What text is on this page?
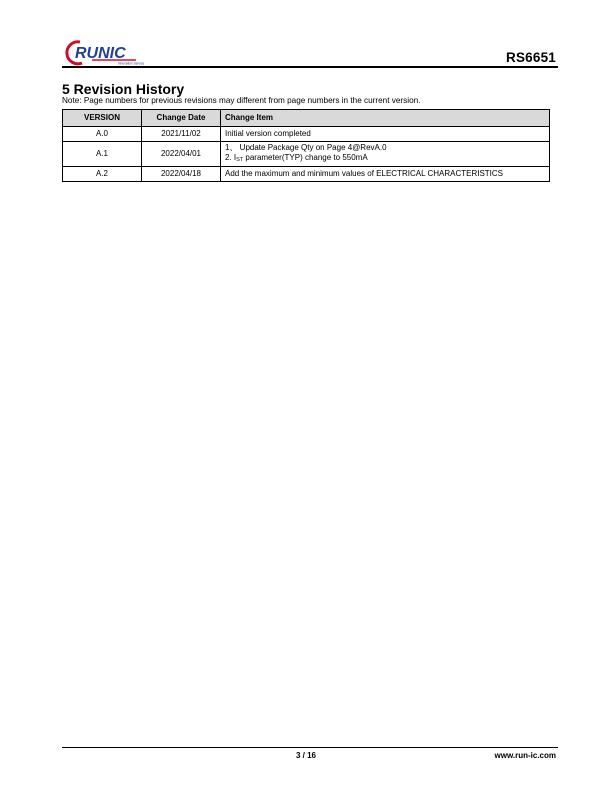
RUNIC
Innovation Service	RS6651
5 Revision History
Note: Page numbers for previous revisions may different from page numbers in the current version.
VERSION	Change Date	Change Item
A.0	2021/11/02	Initial version completed
A.1	2022/04/01	1、 Update Package Qty on Page 4@RevA.0
2. $I_{ST}$ parameter(TYP) change to 550mA

A.2	2022/04/18	Add the maximum and minimum values of ELECTRICAL CHARACTERISTICS
3 / 16	www.run-ic.com
